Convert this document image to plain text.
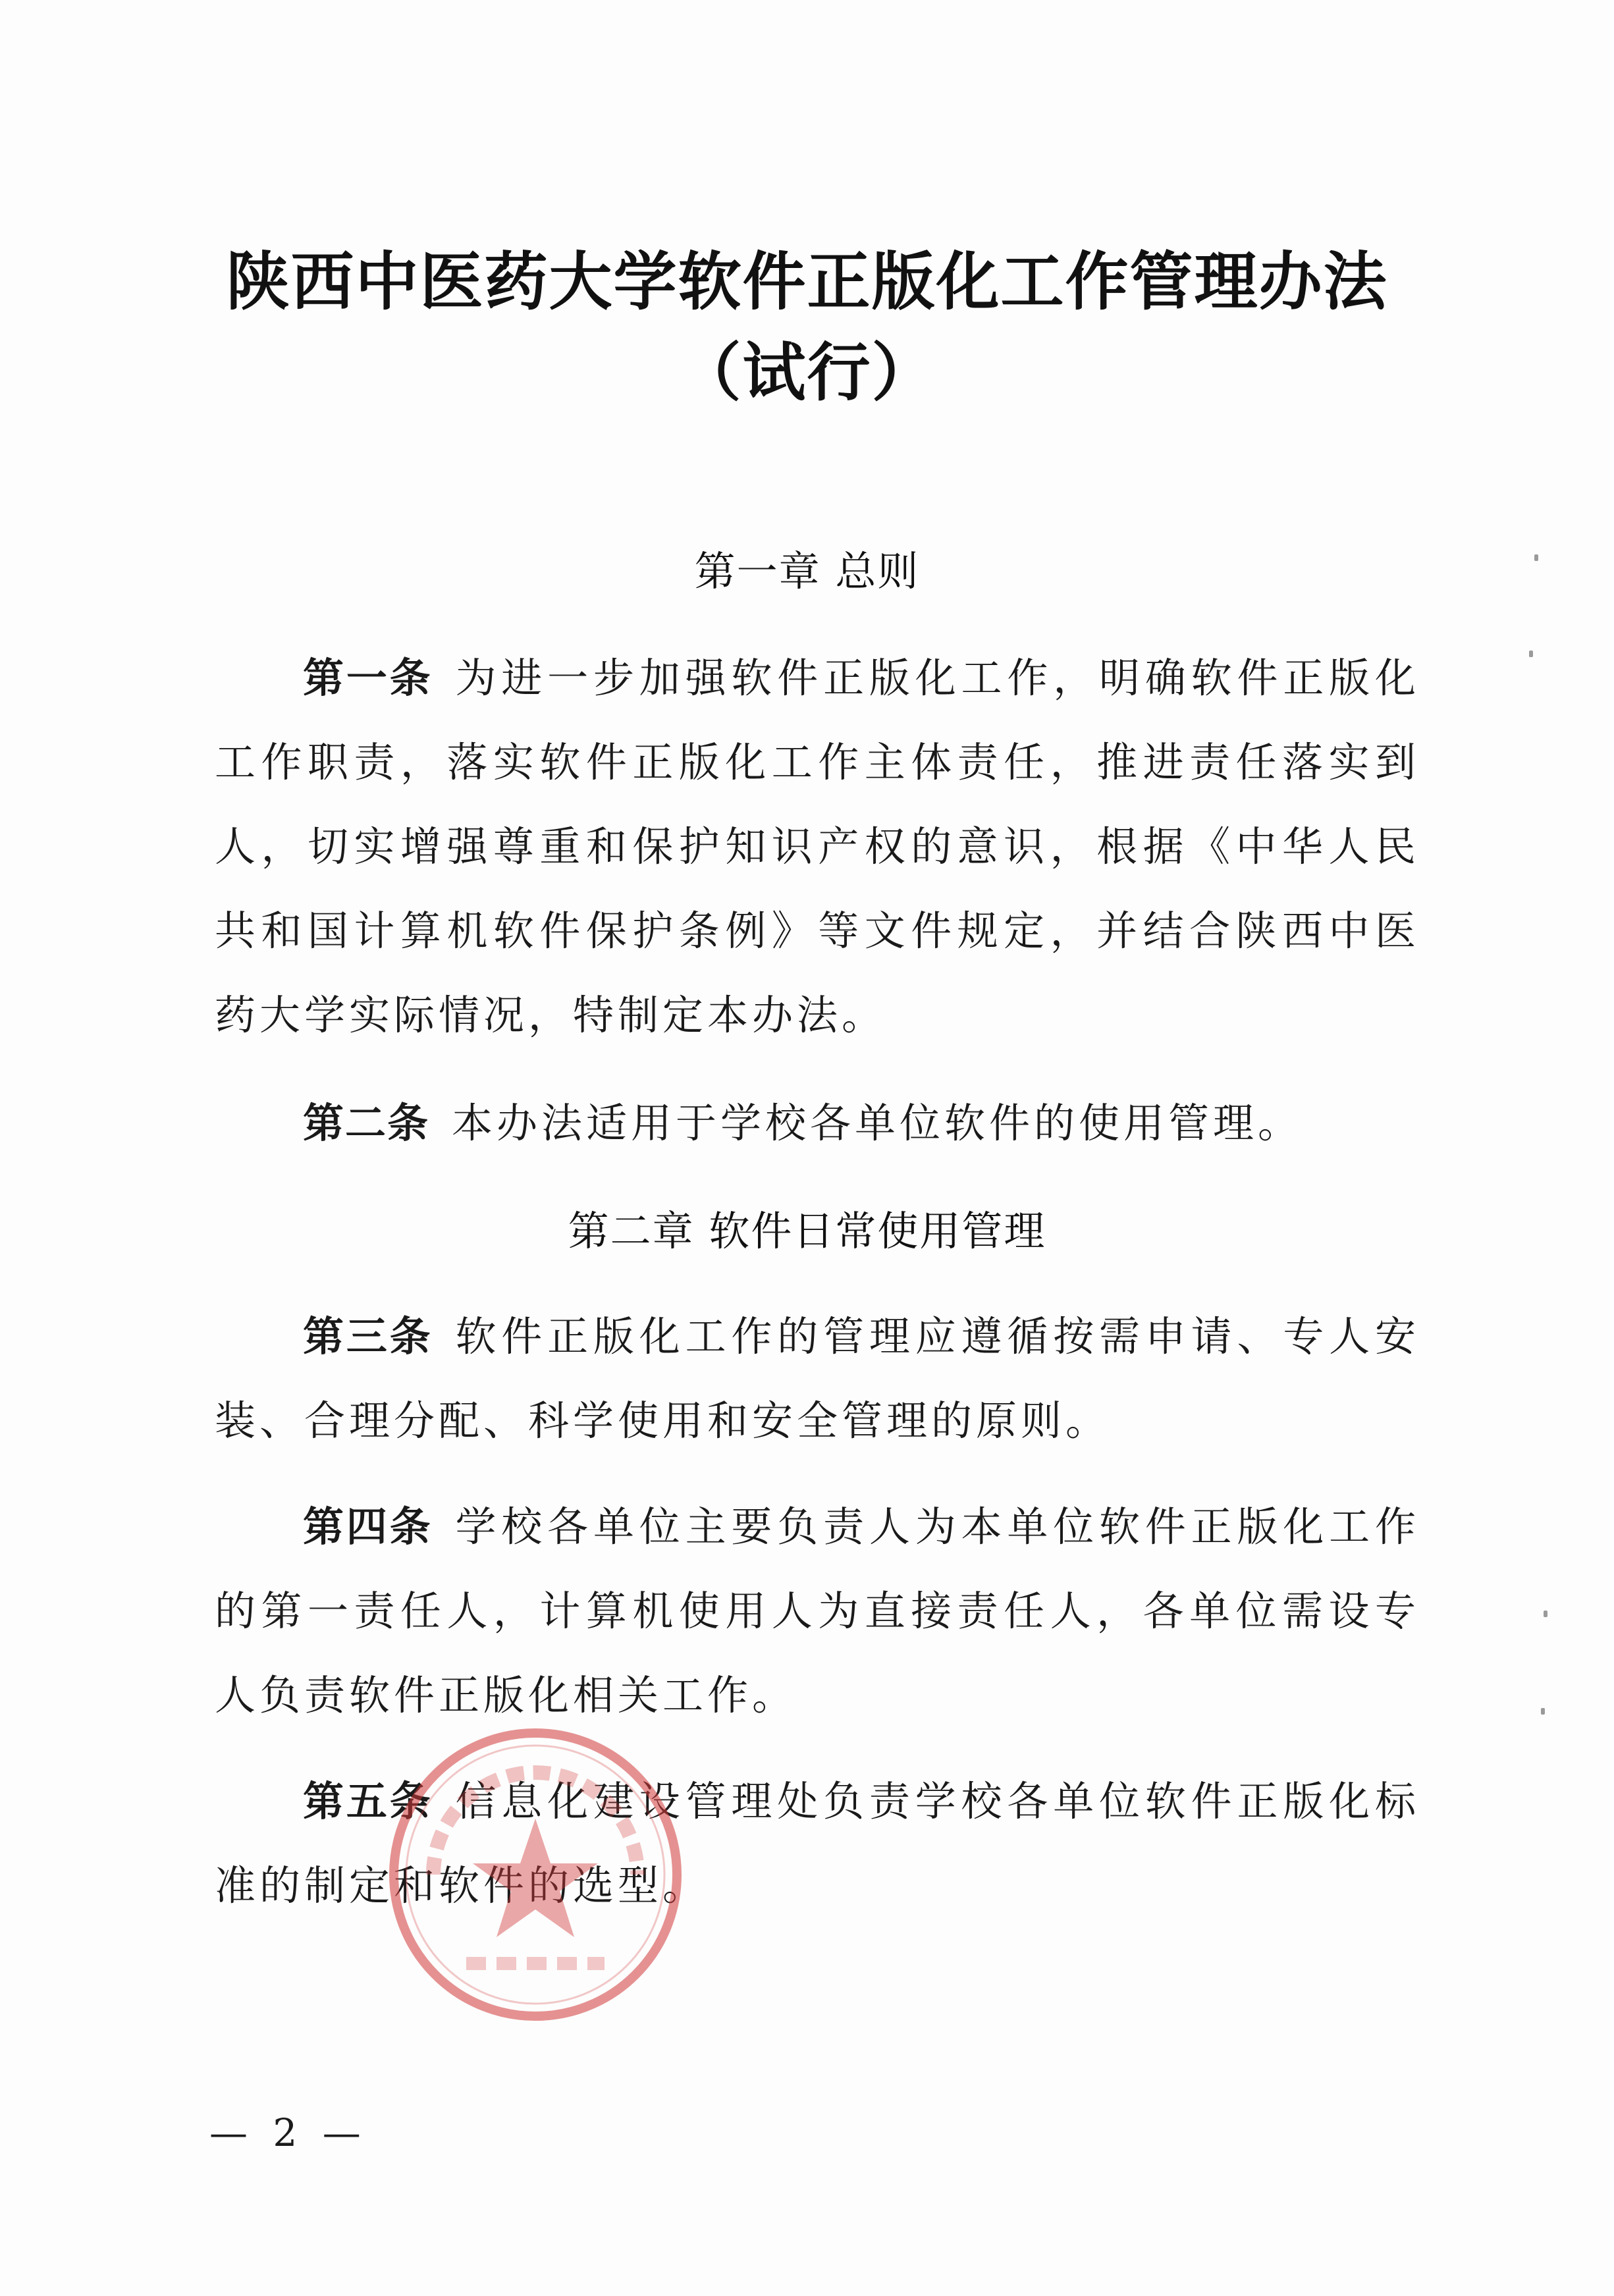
陕西中医药大学软件正版化工作管理办法
（试行）
第一章 总则

第一条 为进一步加强软件正版化工作，明确软件正版化工作职责，落实软件正版化工作主体责任，推进责任落实到人，切实增强尊重和保护知识产权的意识，根据《中华人民共和国计算机软件保护条例》等文件规定，并结合陕西中医药大学实际情况，特制定本办法。

第二条 本办法适用于学校各单位软件的使用管理。

第二章 软件日常使用管理

第三条 软件正版化工作的管理应遵循按需申请、专人安装、合理分配、科学使用和安全管理的原则。

第四条 学校各单位主要负责人为本单位软件正版化工作的第一责任人，计算机使用人为直接责任人，各单位需设专人负责软件正版化相关工作。

第五条 信息化建设管理处负责学校各单位软件正版化标准的制定和软件的选型。

— 2 —
